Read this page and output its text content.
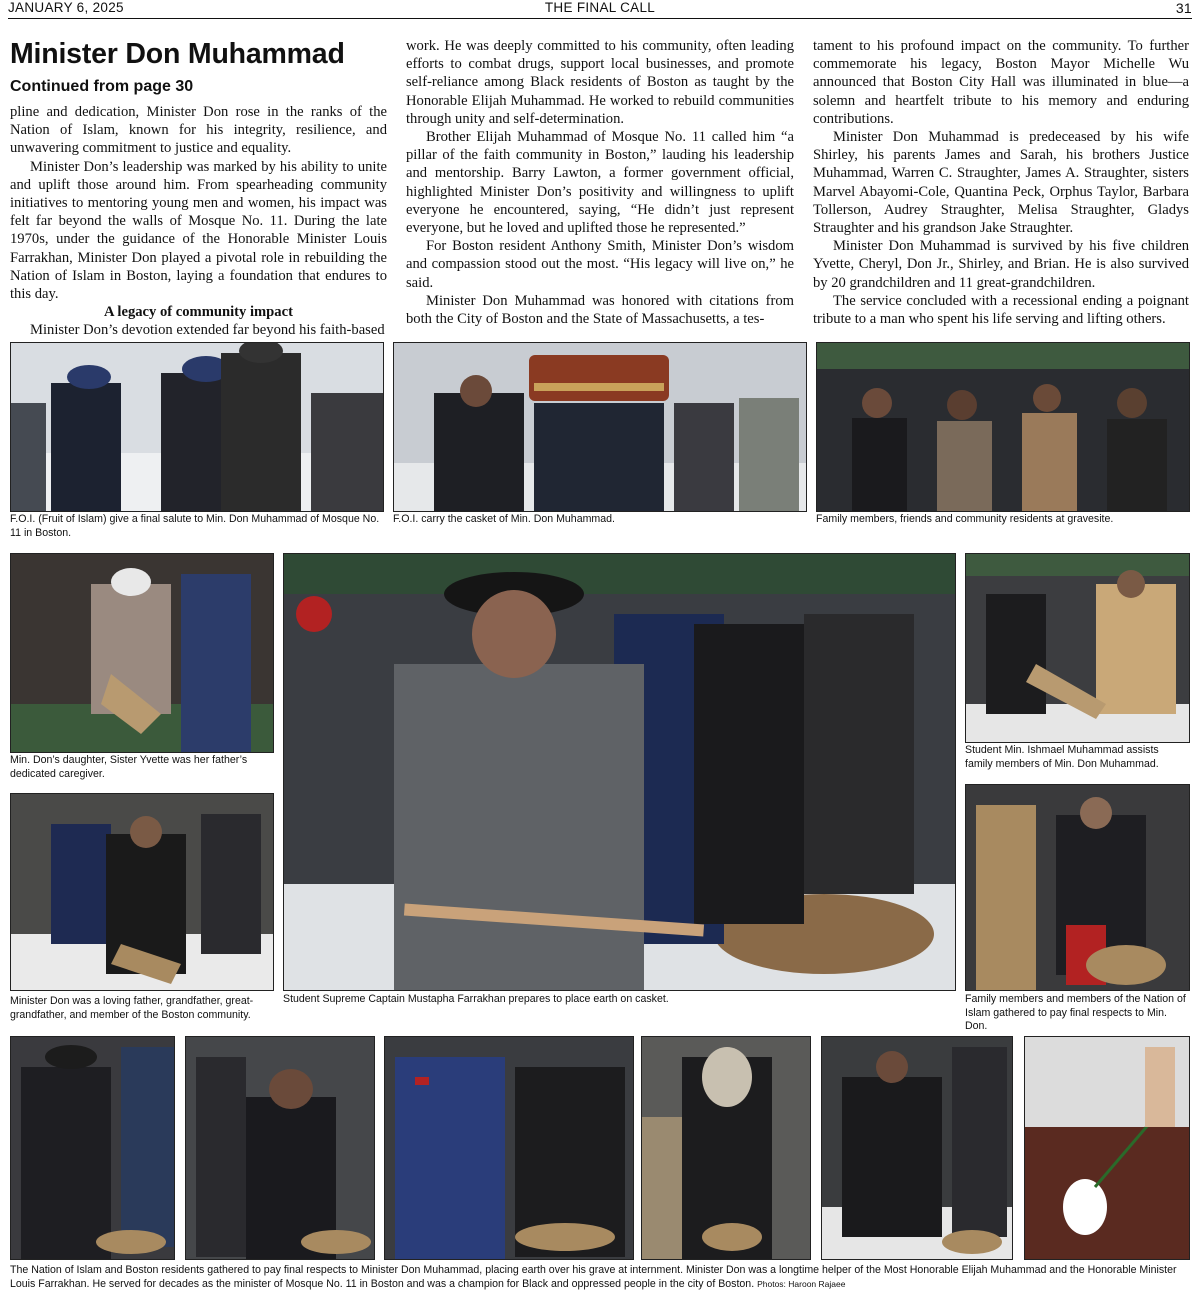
JANUARY 6, 2025	THE FINAL CALL	31
Minister Don Muhammad
Continued from page 30

pline and dedication, Minister Don rose in the ranks of the Nation of Islam, known for his integrity, resilience, and unwavering commitment to justice and equality.

Minister Don’s leadership was marked by his ability to unite and uplift those around him. From spearheading community initiatives to mentoring young men and women, his impact was felt far beyond the walls of Mosque No. 11. During the late 1970s, under the guidance of the Honorable Minister Louis Farrakhan, Minister Don played a pivotal role in rebuilding the Nation of Islam in Boston, laying a foundation that endures to this day.

A legacy of community impact

Minister Don’s devotion extended far beyond his faith-based

work. He was deeply committed to his community, often leading efforts to combat drugs, support local businesses, and promote self-reliance among Black residents of Boston as taught by the Honorable Elijah Muhammad. He worked to rebuild communities through unity and self-determination.

Brother Elijah Muhammad of Mosque No. 11 called him “a pillar of the faith community in Boston,” lauding his leadership and mentorship. Barry Lawton, a former government official, highlighted Minister Don’s positivity and willingness to uplift everyone he encountered, saying, “He didn’t just represent everyone, but he loved and uplifted those he represented.”

For Boston resident Anthony Smith, Minister Don’s wisdom and compassion stood out the most. “His legacy will live on,” he said.

Minister Don Muhammad was honored with citations from both the City of Boston and the State of Massachusetts, a tes-

tament to his profound impact on the community. To further commemorate his legacy, Boston Mayor Michelle Wu announced that Boston City Hall was illuminated in blue—a solemn and heartfelt tribute to his memory and enduring contributions.

Minister Don Muhammad is predeceased by his wife Shirley, his parents James and Sarah, his brothers Justice Muhammad, Warren C. Straughter, James A. Straughter, sisters Marvel Abayomi-Cole, Quantina Peck, Orphus Taylor, Barbara Tollerson, Audrey Straughter, Melisa Straughter, Gladys Straughter and his grandson Jake Straughter.

Minister Don Muhammad is survived by his five children Yvette, Cheryl, Don Jr., Shirley, and Brian. He is also survived by 20 grandchildren and 11 great-grandchildren.

The service concluded with a recessional ending a poignant tribute to a man who spent his life serving and lifting others.

F.O.I. (Fruit of Islam) give a final salute to Min. Don Muhammad of Mosque No. 11 in Boston.
F.O.I. carry the casket of Min. Don Muhammad.	Family members, friends and community residents at gravesite.
Min. Don’s daughter, Sister Yvette was her father’s dedicated caregiver.
Minister Don was a loving father, grandfather, great-grandfather, and member of the Boston community.
Student Supreme Captain Mustapha Farrakhan prepares to place earth on casket.
Student Min. Ishmael Muhammad assists family members of Min. Don Muhammad.
Family members and members of the Nation of Islam gathered to pay final respects to Min. Don.
The Nation of Islam and Boston residents gathered to pay final respects to Minister Don Muhammad, placing earth over his grave at internment. Minister Don was a longtime helper of the Most Honorable Elijah Muhammad and the Honorable Minister Louis Farrakhan. He served for decades as the minister of Mosque No. 11 in Boston and was a champion for Black and oppressed people in the city of Boston. Photos: Haroon Rajaee
